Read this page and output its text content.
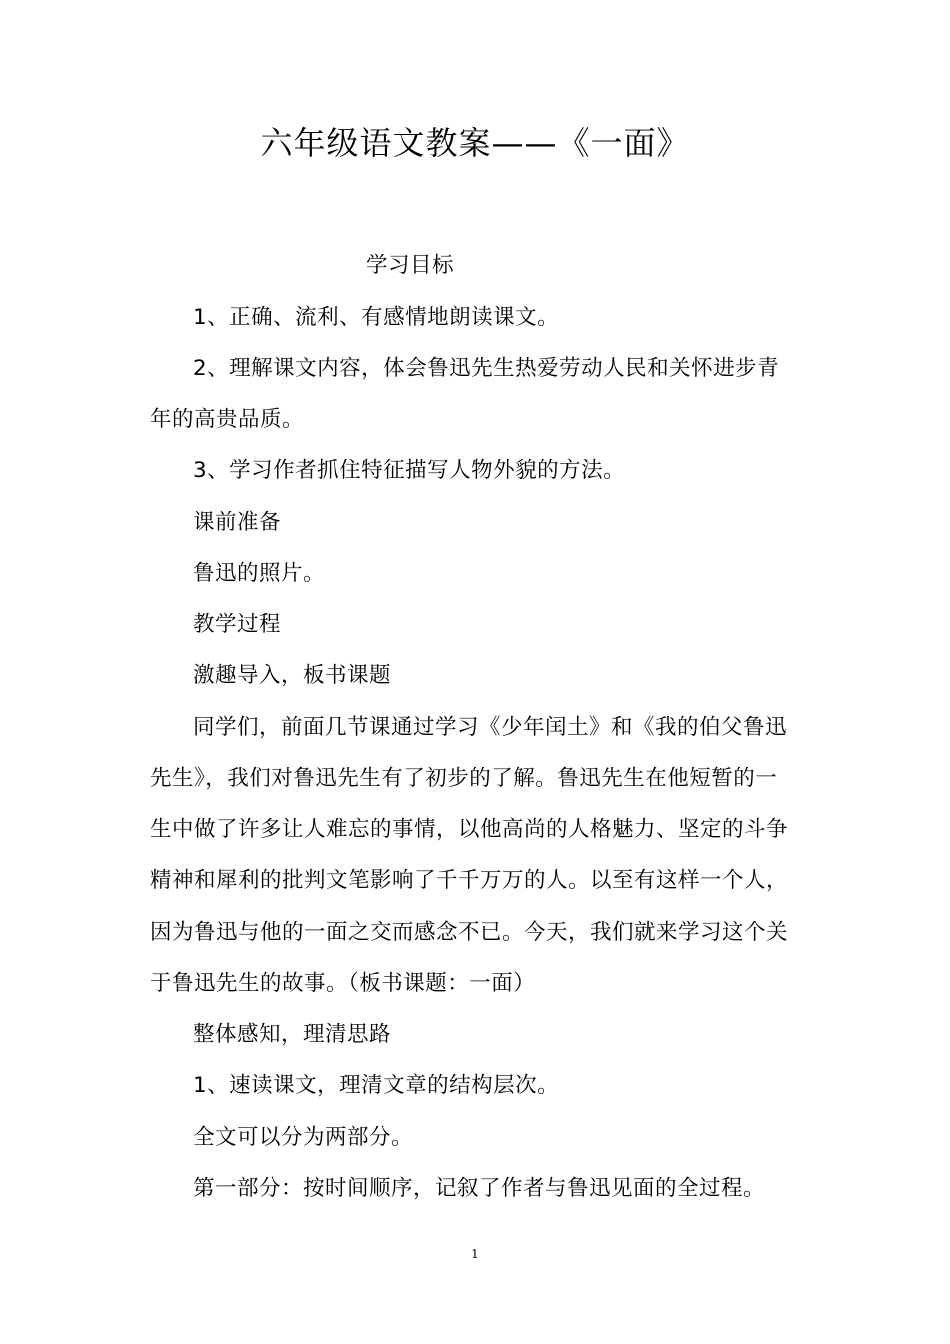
六年级语文教案——《一面》
学习目标
1、正确、流利、有感情地朗读课文。
2、理解课文内容，体会鲁迅先生热爱劳动人民和关怀进步青
年的高贵品质。
3、学习作者抓住特征描写人物外貌的方法。
课前准备
鲁迅的照片。
教学过程
激趣导入，板书课题
同学们，前面几节课通过学习《少年闰土》和《我的伯父鲁迅
先生》，我们对鲁迅先生有了初步的了解。鲁迅先生在他短暂的一
生中做了许多让人难忘的事情，以他高尚的人格魅力、坚定的斗争
精神和犀利的批判文笔影响了千千万万的人。以至有这样一个人，
因为鲁迅与他的一面之交而感念不已。今天，我们就来学习这个关
于鲁迅先生的故事。（板书课题：一面）
整体感知，理清思路
1、速读课文，理清文章的结构层次。
全文可以分为两部分。
第一部分：按时间顺序，记叙了作者与鲁迅见面的全过程。
1
